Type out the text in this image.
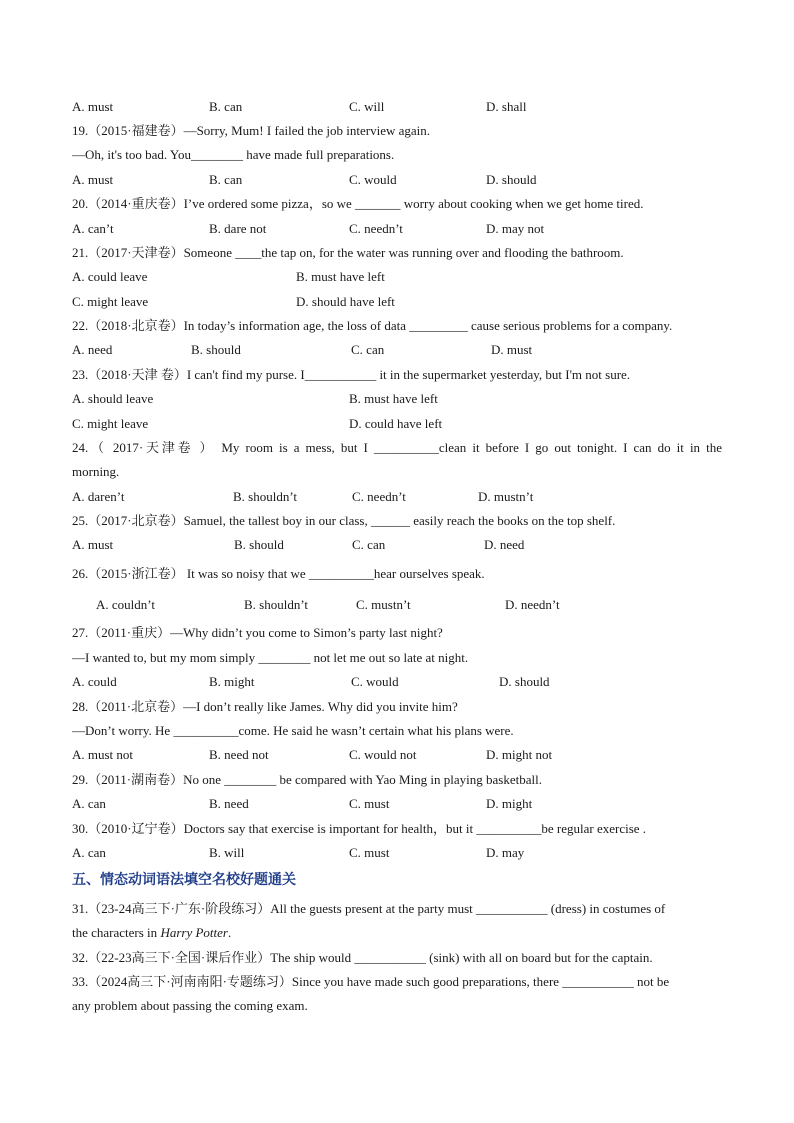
A. must	B. can	C. will	D. shall
19.（2015·福建卷）—Sorry, Mum! I failed the job interview again.
—Oh, it's too bad. You________ have made full preparations.
A. must	B. can	C. would	D. should
20.（2014·重庆卷）I’ve ordered some pizza，so we _______ worry about cooking when we get home tired.
A. can’t	B. dare not	C. needn’t	D. may not
21.（2017·天津卷）Someone ____the tap on, for the water was running over and flooding the bathroom.
A. could leave	B. must have left
C. might leave	D. should have left
22.（2018·北京卷）In today’s information age, the loss of data _________ cause serious problems for a company.
A. need	B. should	C. can	D. must
23.（2018·天津 卷）I can't find my purse. I___________ it in the supermarket yesterday, but I'm not sure.
A. should leave	B. must have left
C. might leave	D. could have left
24.（ 2017·天津卷 ） My room is a mess, but I __________clean it before I go out tonight. I can do it in the
morning.
A. daren’t	B. shouldn’t	C. needn’t	D. mustn’t
25.（2017·北京卷）Samuel, the tallest boy in our class, ______ easily reach the books on the top shelf.
A. must	B. should	C. can	D. need
26.（2015·浙江卷） It was so noisy that we __________hear ourselves speak.
A. couldn’t	B. shouldn’t	C. mustn’t	D. needn’t
27.（2011·重庆）—Why didn’t you come to Simon’s party last night?
—I wanted to, but my mom simply ________ not let me out so late at night.
A. could	B. might	C. would	D. should
28.（2011·北京卷）—I don’t really like James. Why did you invite him?
—Don’t worry. He __________come. He said he wasn’t certain what his plans were.
A. must not	B. need not	C. would not	D. might not
29.（2011·湖南卷）No one ________ be compared with Yao Ming in playing basketball.
A. can	B. need	C. must	D. might
30.（2010·辽宁卷）Doctors say that exercise is important for health，but it __________be regular exercise .
A. can	B. will	C. must	D. may
五、情态动词语法填空名校好题通关
31.（23-24高三下·广东·阶段练习）All the guests present at the party must ___________ (dress) in costumes of
the characters in Harry Potter.
32.（22-23高三下·全国·课后作业）The ship would ___________ (sink) with all on board but for the captain.
33.（2024高三下·河南南阳·专题练习）Since you have made such good preparations, there ___________ not be
any problem about passing the coming exam.
